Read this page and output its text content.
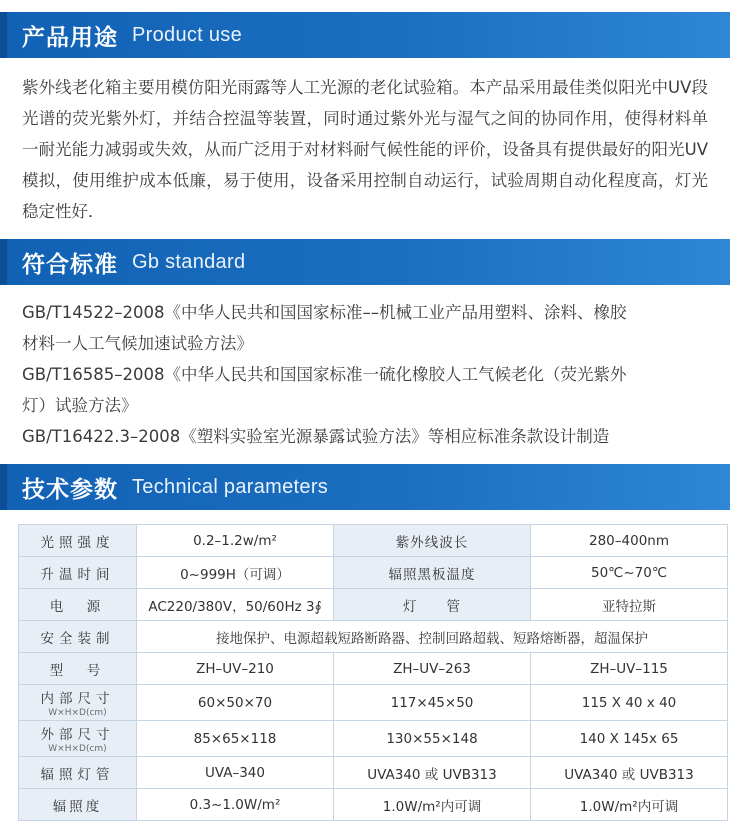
产品用途 Product use

紫外线老化箱主要用模仿阳光雨露等人工光源的老化试验箱。本产品采用最佳类似阳光中UV段光谱的荧光紫外灯，并结合控温等装置，同时通过紫外光与湿气之间的协同作用，使得材料单一耐光能力减弱或失效，从而广泛用于对材料耐气候性能的评价，设备具有提供最好的阳光UV模拟，使用维护成本低廉，易于使用，设备采用控制自动运行，试验周期自动化程度高，灯光稳定性好．

符合标准 Gb standard
GB/T14522–2008《中华人民共和国国家标准––机械工业产品用塑料、涂料、橡胶
材料一人工气候加速试验方法》
GB/T16585–2008《中华人民共和国国家标准一硫化橡胶人工气候老化（荧光紫外
灯）试验方法》
GB/T16422.3–2008《塑料实验室光源暴露试验方法》等相应标准条款设计制造
技术参数 Technical parameters
光照强度	0.2–1.2w/m²	紫外线波长	280–400nm
升温时间	0~999H（可调）	辐照黑板温度	50℃~70℃
电　源	AC220/380V，50/60Hz 3∮	灯　　管	亚特拉斯
安全装制	接地保护、电源超载短路断路器、控制回路超载、短路熔断器，超温保护		
型　号	ZH–UV–210	ZH–UV–263	ZH–UV–115
内部尺寸
W×H×D(cm)	60×50×70	117×45×50	115 X 40 x 40
外部尺寸
W×H×D(cm)	85×65×118	130×55×148	140 X 145x 65
辐照灯管	UVA–340	UVA340 或 UVB313	UVA340 或 UVB313
辐照度	0.3~1.0W/m²	1.0W/m²内可调	1.0W/m²内可调
